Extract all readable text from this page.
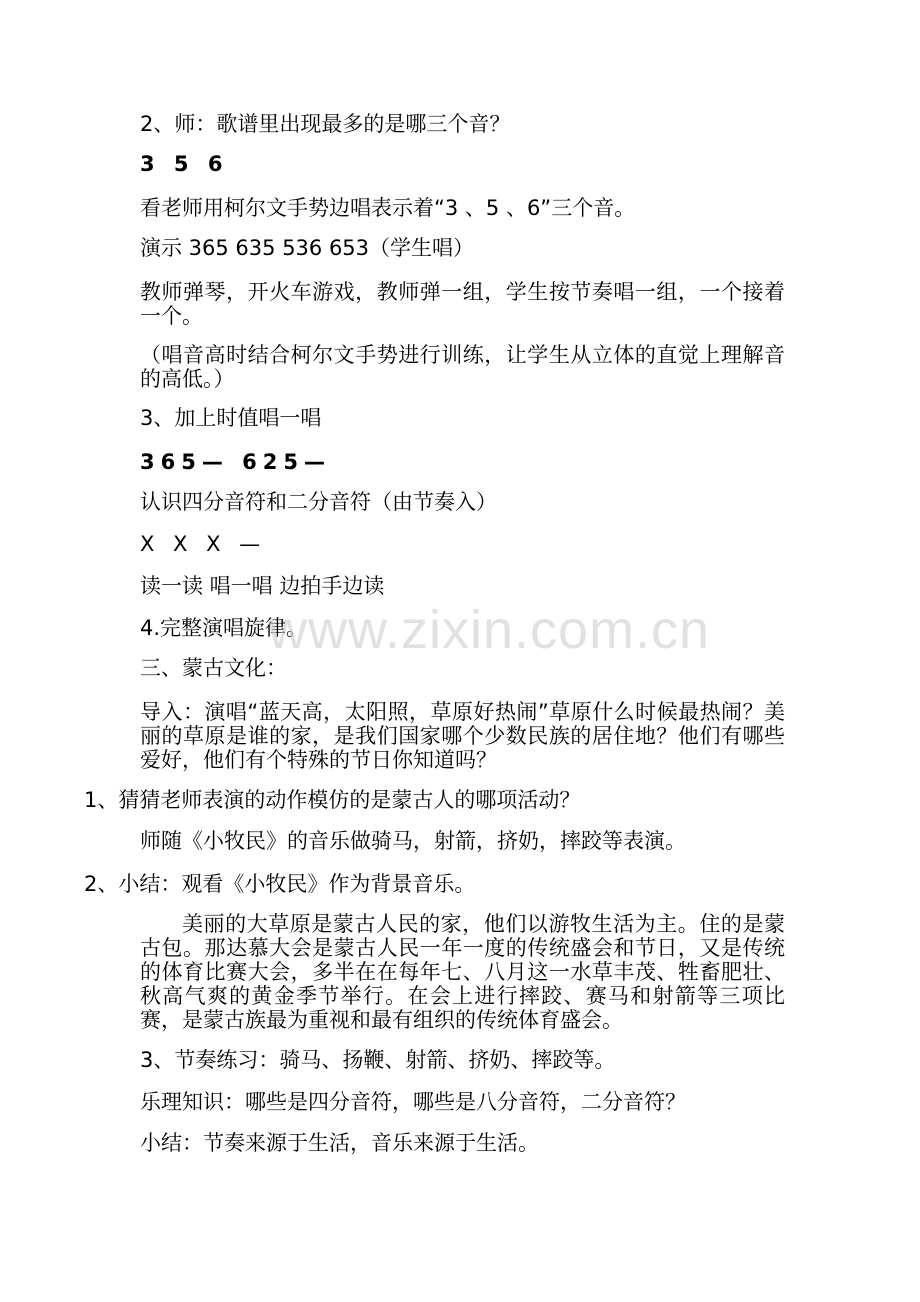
2、师：歌谱里出现最多的是哪三个音？

3 5 6

看老师用柯尔文手势边唱表示着“3 、5 、6”三个音。

演示 365 635 536 653（学生唱）

教师弹琴，开火车游戏，教师弹一组，学生按节奏唱一组，一个接着一个。

（唱音高时结合柯尔文手势进行训练，让学生从立体的直觉上理解音的高低。）

3、加上时值唱一唱

365— 625—

认识四分音符和二分音符（由节奏入）

X X X —

读一读 唱一唱 边拍手边读

4.完整演唱旋律。

三、蒙古文化：

导入：演唱“蓝天高，太阳照，草原好热闹”草原什么时候最热闹？美丽的草原是谁的家，是我们国家哪个少数民族的居住地？他们有哪些爱好，他们有个特殊的节日你知道吗？

1、猜猜老师表演的动作模仿的是蒙古人的哪项活动？

师随《小牧民》的音乐做骑马，射箭，挤奶，摔跤等表演。

2、小结：观看《小牧民》作为背景音乐。

美丽的大草原是蒙古人民的家，他们以游牧生活为主。住的是蒙古包。那达慕大会是蒙古人民一年一度的传统盛会和节日，又是传统的体育比赛大会，多半在在每年七、八月这一水草丰茂、牲畜肥壮、秋高气爽的黄金季节举行。在会上进行摔跤、赛马和射箭等三项比赛，是蒙古族最为重视和最有组织的传统体育盛会。

3、节奏练习：骑马、扬鞭、射箭、挤奶、摔跤等。

乐理知识：哪些是四分音符，哪些是八分音符，二分音符？

小结：节奏来源于生活，音乐来源于生活。

www.zixin.com.cn
